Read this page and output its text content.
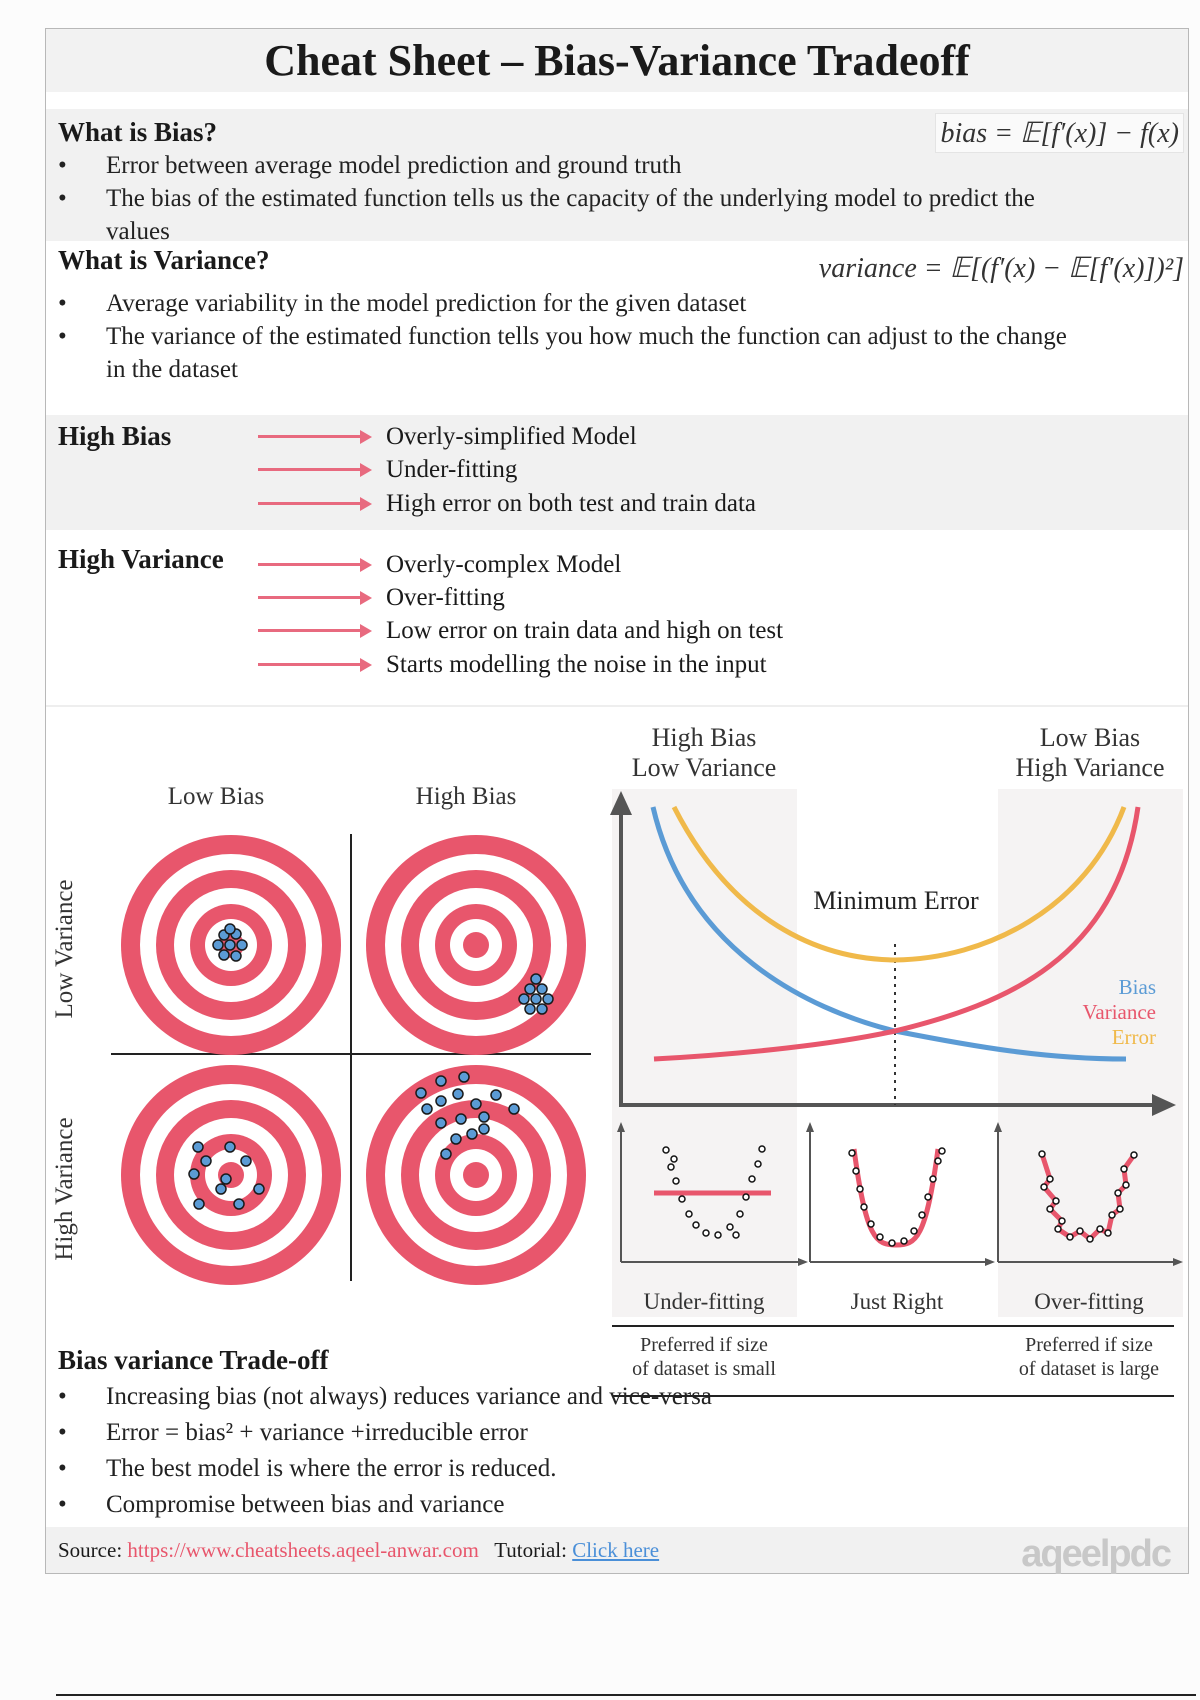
Cheat Sheet – Bias-Variance Tradeoff
What is Bias?	bias = 𝔼[f′(x)] − f(x)
• Error between average model prediction and ground truth
• The bias of the estimated function tells us the capacity of the underlying model to predict the values
What is Variance?	variance = 𝔼[(f′(x) − 𝔼[f′(x)])²]
• Average variability in the model prediction for the given dataset
• The variance of the estimated function tells you how much the function can adjust to the change in the dataset
High Bias	Overly-simplified Model
Under-fitting
High error on both test and train data
High Variance	Overly-complex Model
Over-fitting
Low error on train data and high on test
Starts modelling the noise in the input
Low Bias	High Bias
Low Variance
High Variance
High Bias
Low Variance
Low Bias
High Variance
Minimum Error
Bias
Variance
Error
Under-fitting	Just Right	Over-fitting
Preferred if size
of dataset is small
Preferred if size
of dataset is large
Bias variance Trade-off
• Increasing bias (not always) reduces variance and vice-versa
• Error = bias² + variance +irreducible error
• The best model is where the error is reduced.
• Compromise between bias and variance
Source: https://www.cheatsheets.aqeel-anwar.com Tutorial: Click here	aqeelpdc
